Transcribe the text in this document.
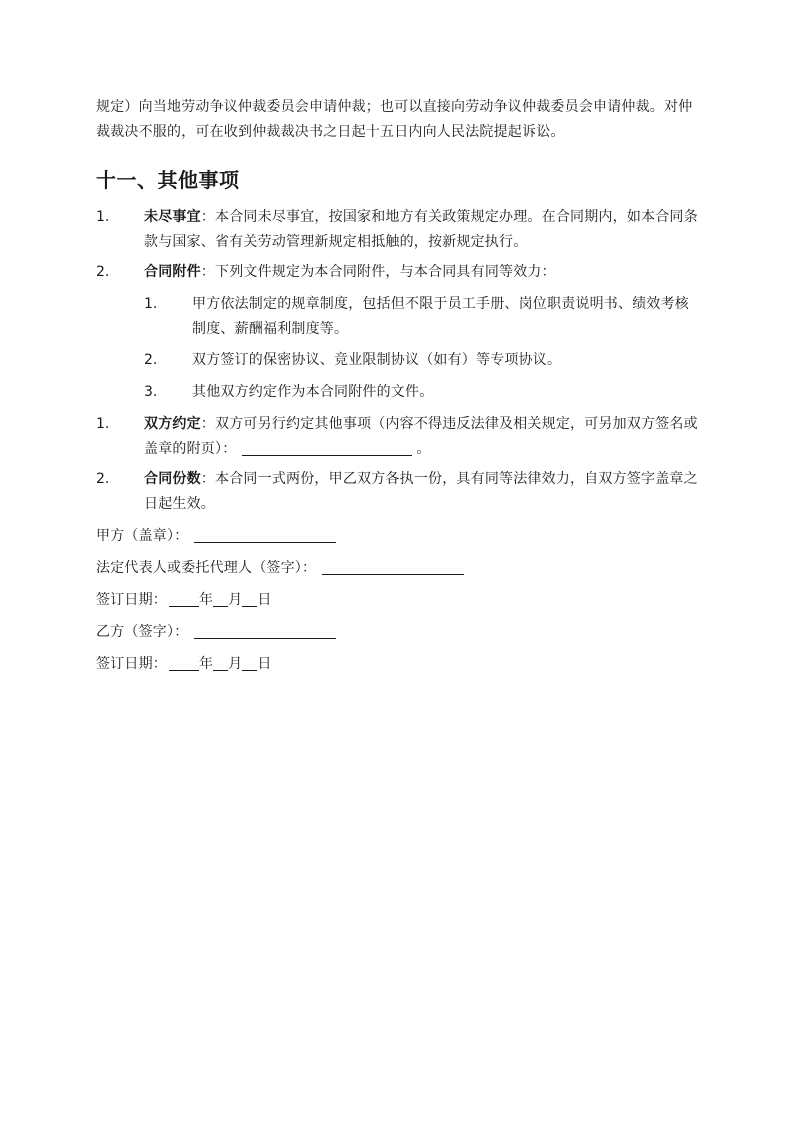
规定）向当地劳动争议仲裁委员会申请仲裁；也可以直接向劳动争议仲裁委员会申请仲裁。对仲裁裁决不服的，可在收到仲裁裁决书之日起十五日内向人民法院提起诉讼。
十一、其他事项
1. 未尽事宜：本合同未尽事宜，按国家和地方有关政策规定办理。在合同期内，如本合同条款与国家、省有关劳动管理新规定相抵触的，按新规定执行。
2. 合同附件：下列文件规定为本合同附件，与本合同具有同等效力：
1. 甲方依法制定的规章制度，包括但不限于员工手册、岗位职责说明书、绩效考核制度、薪酬福利制度等。
2. 双方签订的保密协议、竞业限制协议（如有）等专项协议。
3. 其他双方约定作为本合同附件的文件。
1. 双方约定：双方可另行约定其他事项（内容不得违反法律及相关规定，可另加双方签名或盖章的附页）：	。
2. 合同份数：本合同一式两份，甲乙双方各执一份，具有同等法律效力，自双方签字盖章之日起生效。
甲方（盖章）：
法定代表人或委托代理人（签字）：
签订日期： 年 月 日
乙方（签字）：
签订日期： 年 月 日
